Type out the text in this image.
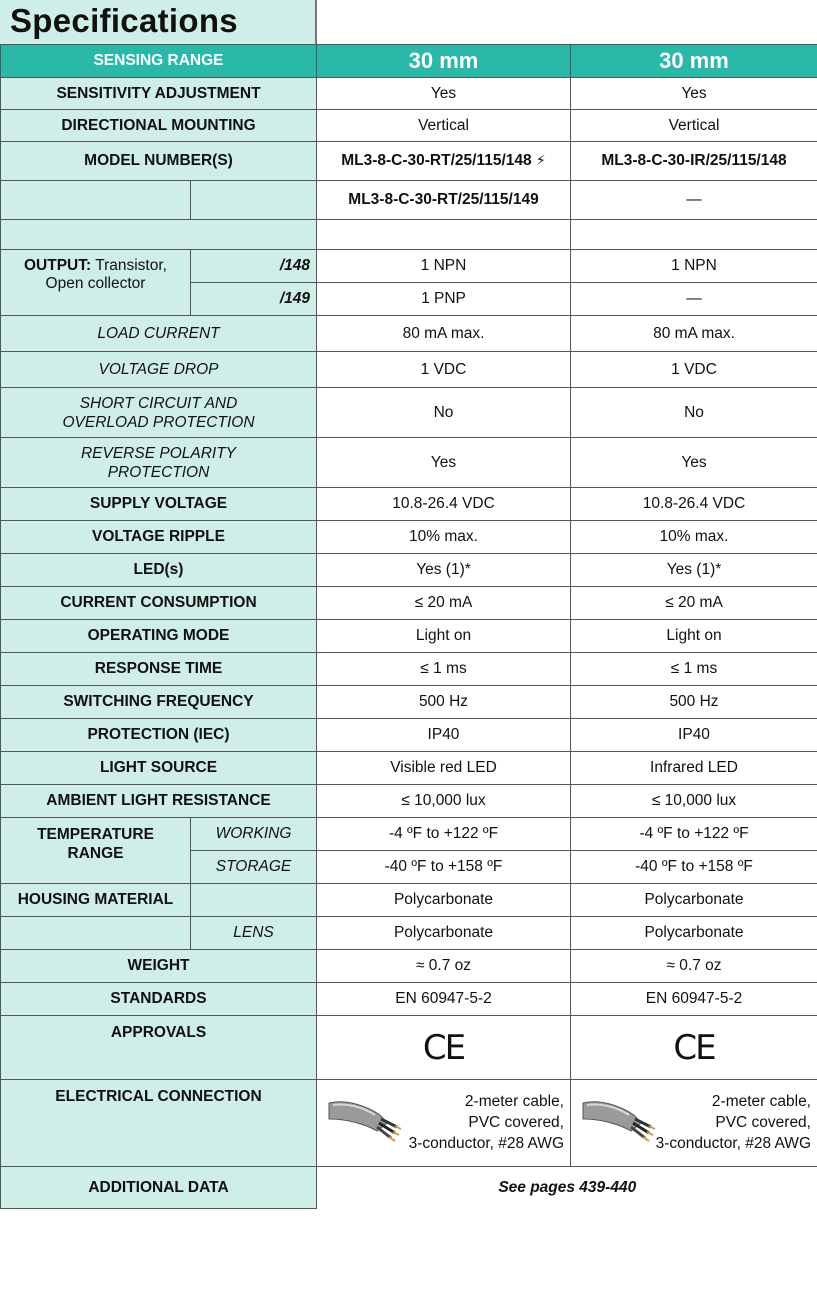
Specifications
SENSING RANGE		30 mm	30 mm
SENSITIVITY ADJUSTMENT		Yes	Yes
DIRECTIONAL MOUNTING		Vertical	Vertical
MODEL NUMBER(S)		ML3-8-C-30-RT/25/115/148 ⚡	ML3-8-C-30-IR/25/115/148
		ML3-8-C-30-RT/25/115/149	—

OUTPUT: Transistor,
Open collector	/148	1 NPN	1 NPN
	/149	1 PNP	—
LOAD CURRENT		80 mA max.	80 mA max.
VOLTAGE DROP		1 VDC	1 VDC
SHORT CIRCUIT AND
OVERLOAD PROTECTION		No	No
REVERSE POLARITY
PROTECTION		Yes	Yes
SUPPLY VOLTAGE		10.8-26.4 VDC	10.8-26.4 VDC
VOLTAGE RIPPLE		10% max.	10% max.
LED(s)		Yes (1)*	Yes (1)*
CURRENT CONSUMPTION		≤ 20 mA	≤ 20 mA
OPERATING MODE		Light on	Light on
RESPONSE TIME		≤ 1 ms	≤ 1 ms
SWITCHING FREQUENCY		500 Hz	500 Hz
PROTECTION (IEC)		IP40	IP40
LIGHT SOURCE		Visible red LED	Infrared LED
AMBIENT LIGHT RESISTANCE		≤ 10,000 lux	≤ 10,000 lux
TEMPERATURE
RANGE	WORKING	-4 ºF to +122 ºF	-4 ºF to +122 ºF
	STORAGE	-40 ºF to +158 ºF	-40 ºF to +158 ºF
HOUSING MATERIAL		Polycarbonate	Polycarbonate
	LENS	Polycarbonate	Polycarbonate
WEIGHT		≈ 0.7 oz	≈ 0.7 oz
STANDARDS		EN 60947-5-2	EN 60947-5-2
APPROVALS		CE	CE
ELECTRICAL CONNECTION		2-meter cable,
PVC covered,
3-conductor, #28 AWG	2-meter cable,
PVC covered,
3-conductor, #28 AWG

ADDITIONAL DATA		See pages 439-440	
